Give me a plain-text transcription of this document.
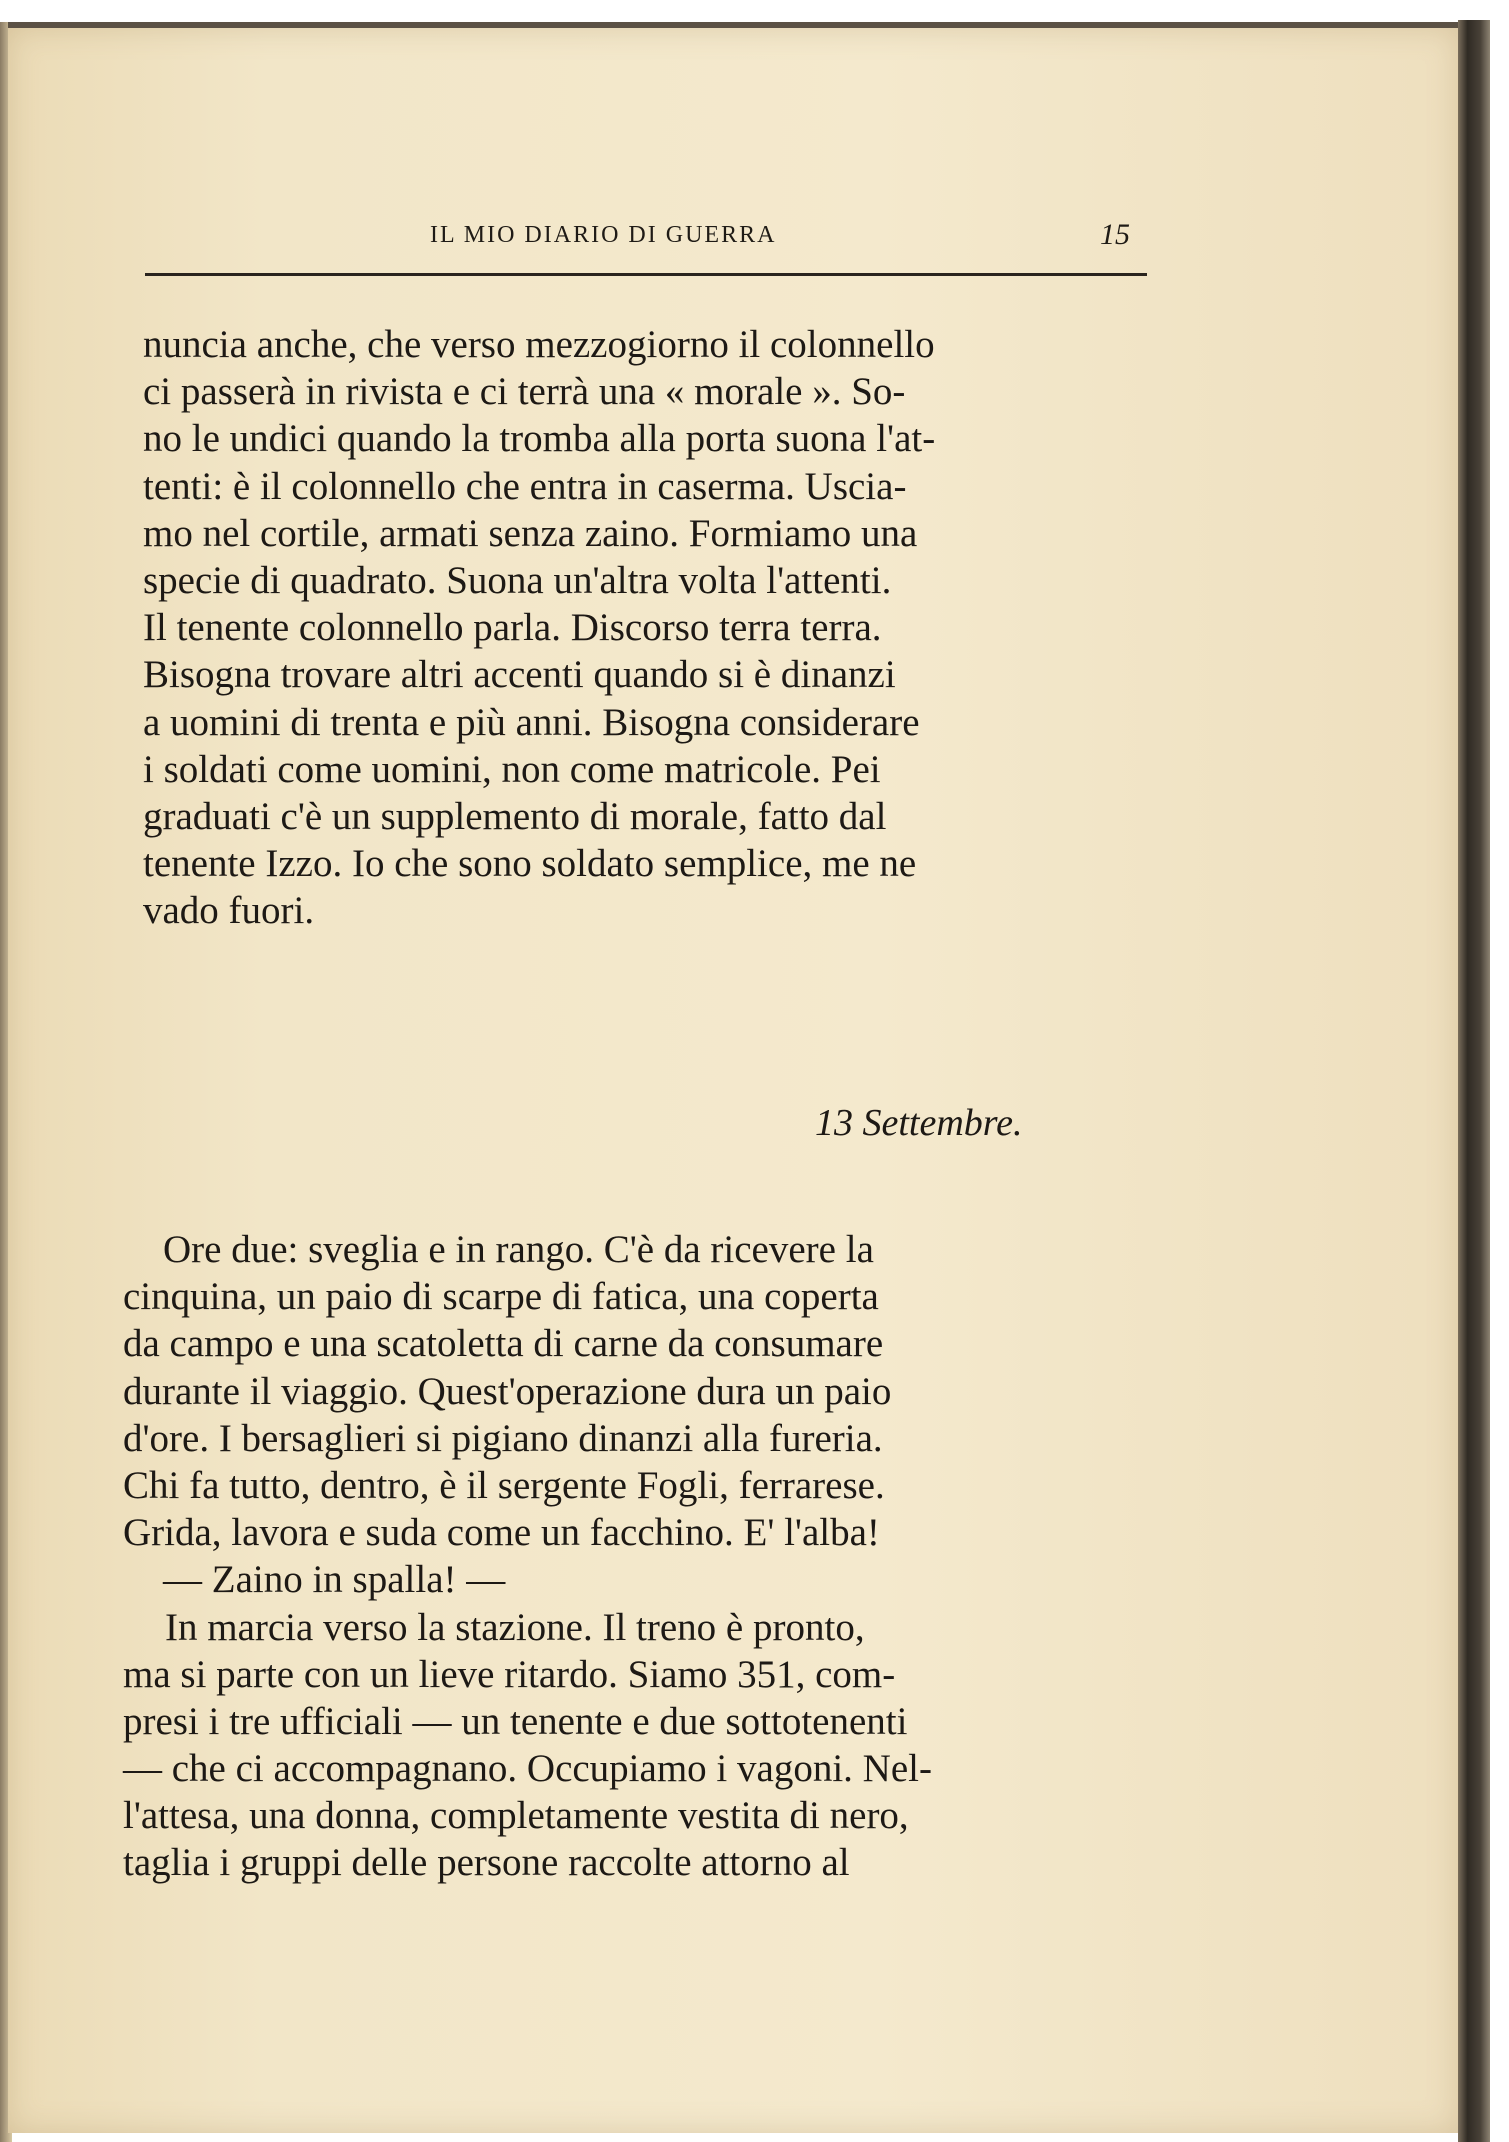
IL MIO DIARIO DI GUERRA	15
nuncia anche, che verso mezzogiorno il colonnello
ci passerà in rivista e ci terrà una « morale ». So-
no le undici quando la tromba alla porta suona l'at-
tenti: è il colonnello che entra in caserma. Uscia-
mo nel cortile, armati senza zaino. Formiamo una
specie di quadrato. Suona un'altra volta l'attenti.
Il tenente colonnello parla. Discorso terra terra.
Bisogna trovare altri accenti quando si è dinanzi
a uomini di trenta e più anni. Bisogna considerare
i soldati come uomini, non come matricole. Pei
graduati c'è un supplemento di morale, fatto dal
tenente Izzo. Io che sono soldato semplice, me ne
vado fuori.
13 Settembre.
Ore due: sveglia e in rango. C'è da ricevere la
cinquina, un paio di scarpe di fatica, una coperta
da campo e una scatoletta di carne da consumare
durante il viaggio. Quest'operazione dura un paio
d'ore. I bersaglieri si pigiano dinanzi alla fureria.
Chi fa tutto, dentro, è il sergente Fogli, ferrarese.
Grida, lavora e suda come un facchino. E' l'alba!
— Zaino in spalla! —
In marcia verso la stazione. Il treno è pronto,
ma si parte con un lieve ritardo. Siamo 351, com-
presi i tre ufficiali — un tenente e due sottotenenti
— che ci accompagnano. Occupiamo i vagoni. Nel-
l'attesa, una donna, completamente vestita di nero,
taglia i gruppi delle persone raccolte attorno al
